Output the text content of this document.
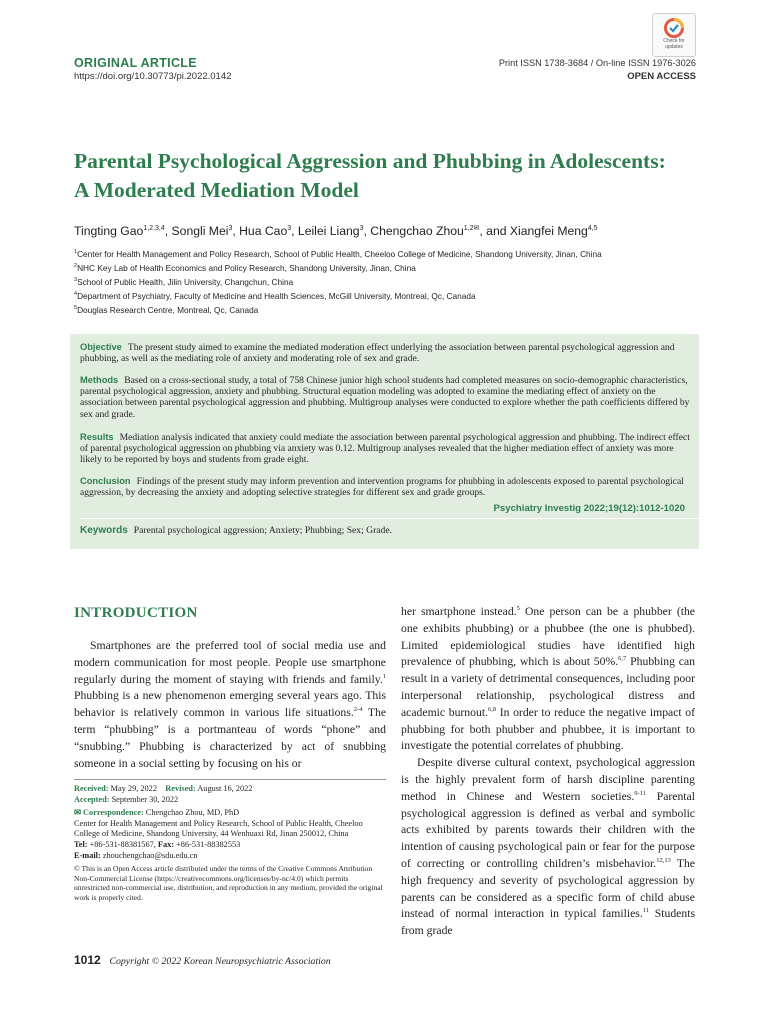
Check for
updates
ORIGINAL ARTICLE
https://doi.org/10.30773/pi.2022.0142
Print ISSN 1738-3684 / On-line ISSN 1976-3026
OPEN ACCESS
Parental Psychological Aggression and Phubbing in Adolescents:
A Moderated Mediation Model
Tingting Gao$^{1,2,3,4}$, Songli Mei$^3$, Hua Cao$^3$, Leilei Liang$^3$, Chengchao Zhou$^{1,2✉}$, and Xiangfei Meng$^{4,5}$
$^1$Center for Health Management and Policy Research, School of Public Health, Cheeloo College of Medicine, Shandong University, Jinan, China
$^2$NHC Key Lab of Health Economics and Policy Research, Shandong University, Jinan, China
$^3$School of Public Health, Jilin University, Changchun, China
$^4$Department of Psychiatry, Faculty of Medicine and Health Sciences, McGill University, Montreal, Qc, Canada
$^5$Douglas Research Centre, Montreal, Qc, Canada
Objective The present study aimed to examine the mediated moderation effect underlying the association between parental psychological aggression and phubbing, as well as the mediating role of anxiety and moderating role of sex and grade.
Methods Based on a cross-sectional study, a total of 758 Chinese junior high school students had completed measures on socio-demographic characteristics, parental psychological aggression, anxiety and phubbing. Structural equation modeling was adopted to examine the mediating effect of anxiety on the association between parental psychological aggression and phubbing. Multigroup analyses were conducted to explore whether the path coefficients differed by sex and grade.
Results Mediation analysis indicated that anxiety could mediate the association between parental psychological aggression and phubbing. The indirect effect of parental psychological aggression on phubbing via anxiety was 0.12. Multigroup analyses revealed that the higher mediation effect of anxiety was more likely to be reported by boys and students from grade eight.
Conclusion Findings of the present study may inform prevention and intervention programs for phubbing in adolescents exposed to parental psychological aggression, by decreasing the anxiety and adopting selective strategies for different sex and grade groups.
Psychiatry Investig 2022;19(12):1012-1020
Keywords Parental psychological aggression; Anxiety; Phubbing; Sex; Grade.
INTRODUCTION

Smartphones are the preferred tool of social media use and modern communication for most people. People use smartphone regularly during the moment of staying with friends and family.$^1$ Phubbing is a new phenomenon emerging several years ago. This behavior is relatively common in various life situations.$^{2-4}$ The term “phubbing” is a portmanteau of words “phone” and “snubbing.” Phubbing is characterized by act of snubbing someone in a social setting by focusing on his or

her smartphone instead.$^5$ One person can be a phubber (the one exhibits phubbing) or a phubbee (the one is phubbed). Limited epidemiological studies have identified high prevalence of phubbing, which is about 50%.$^{6,7}$ Phubbing can result in a variety of detrimental consequences, including poor interpersonal relationship, psychological distress and academic burnout.$^{6,8}$ In order to reduce the negative impact of phubbing for both phubber and phubbee, it is important to investigate the potential correlates of phubbing.

Despite diverse cultural context, psychological aggression is the highly prevalent form of harsh discipline parenting method in Chinese and Western societies.$^{9-11}$ Parental psychological aggression is defined as verbal and symbolic acts exhibited by parents towards their children with the intention of causing psychological pain or fear for the purpose of correcting or controlling children’s misbehavior.$^{12,13}$ The high frequency and severity of psychological aggression by parents can be considered as a specific form of child abuse instead of normal interaction in typical families.$^{11}$ Students from grade

Received: May 29, 2022 Revised: August 16, 2022
Accepted: September 30, 2022
✉ Correspondence: Chengchao Zhou, MD, PhD
Center for Health Management and Policy Research, School of Public Health, Cheeloo College of Medicine, Shandong University, 44 Wenhuaxi Rd, Jinan 250012, China
Tel: +86-531-88381567, Fax: +86-531-88382553
E-mail: zhouchengchao@sdu.edu.cn
© This is an Open Access article distributed under the terms of the Creative Commons Attribution Non-Commercial License (https://creativecommons.org/licenses/by-nc/4.0) which permits unrestricted non-commercial use, distribution, and reproduction in any medium, provided the original work is properly cited.
1012 Copyright © 2022 Korean Neuropsychiatric Association
